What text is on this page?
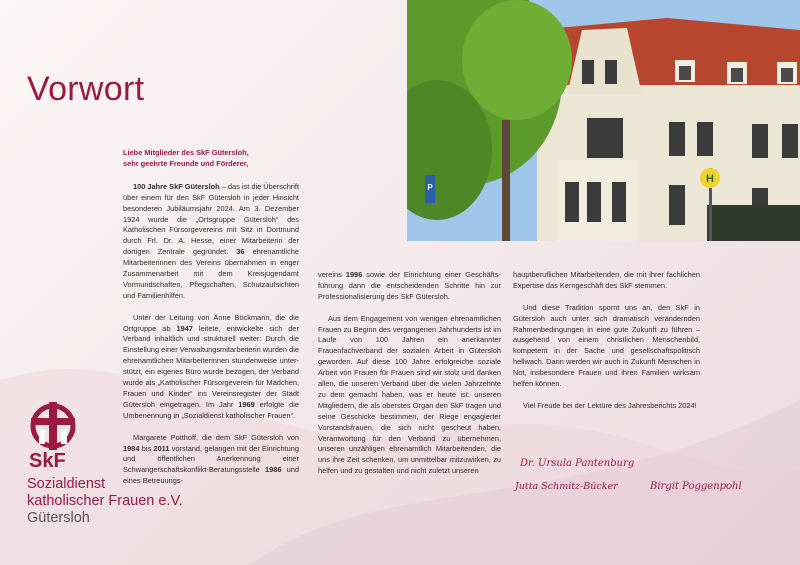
Vorwort
H
P

Liebe Mitglieder des SkF Gütersloh,
sehr geehrte Freunde und Förderer,

100 Jahre SkF Gütersloh – das ist die Überschrift über einem für den SkF Gütersloh in jeder Hinsicht besonderen Jubiläumsjahr 2024. Am 3. Dezember 1924 wurde die „Ortsgruppe Gütersloh“ des Katholischen Fürsorgevereins mit Sitz in Dortmund durch Frl. Dr. A. Hesse, einer Mitarbeiterin der dortigen Zentrale gegründet. 36 ehrenamtliche Mitarbeiterinnen des Vereins übernahmen in enger Zusammenarbeit mit dem Kreisjugendamt Vormundschaften, Pflegschaften, Schutzaufsichten und Familienhilfen.

Unter der Leitung von Änne Böckmann, die die Ortgruppe ab 1947 leitete, entwickelte sich der Verband inhaltlich und strukturell weiter: Durch die Einstellung einer Verwaltungsmitarbeiterin wurden die ehrenamtlichen Mitarbeiterinnen stundenweise unterstützt, ein eigenes Büro wurde bezogen, der Verband wurde als „Katholischer Fürsorgeverein für Mädchen, Frauen und Kinder“ ins Vereinsregister der Stadt Gütersloh eingetragen. Im Jahr 1969 erfolgte die Umbenennung in „Sozialdienst katholischer Frauen“.

Margarete Potthoff, die dem SkF Gütersloh von 1984 bis 2011 vorstand, gelangen mit der Einrichtung und öffentlichen Anerkennung einer Schwangerschaftskonflikt-Beratungsstelle 1986 und eines Betreuungs-

vereins 1996 sowie der Einrichtung einer Geschäftsführung dann die entscheidenden Schritte hin zur Professionalisierung des SkF Gütersloh.

Aus dem Engagement von wenigen ehrenamtlichen Frauen zu Beginn des vergangenen Jahrhunderts ist im Laufe von 100 Jahren ein anerkannter Frauenfachverband der sozialen Arbeit in Gütersloh geworden. Auf diese 100 Jahre erfolgreiche soziale Arbeit von Frauen für Frauen sind wir stolz und danken allen, die unseren Verband über die vielen Jahrzehnte zu dem gemacht haben, was er heute ist: unseren Mitgliedern, die als oberstes Organ den SkF tragen und seine Geschicke bestimmen, der Riege engagierter Vorstandsfrauen, die sich nicht gescheut haben, Verantwortung für den Verband zu übernehmen, unseren unzähligen ehrenamtlich Mitarbeitenden, die uns ihre Zeit schenken, um unmittelbar mitzuwirken, zu helfen und zu gestalten und nicht zuletzt unseren

hauptberuflichen Mitarbeitenden, die mit ihrer fachlichen Expertise das Kerngeschäft des SkF stemmen.

Und diese Tradition spornt uns an, den SkF in Gütersloh auch unter sich dramatisch verändernden Rahmenbedingungen in eine gute Zukunft zu führen – ausgehend von einem christlichen Menschenbild, kompetent in der Sache und gesellschaftspolitisch hellwach. Dann werden wir auch in Zukunft Menschen in Not, insbesondere Frauen und ihren Familien wirksam helfen können.

Viel Freude bei der Lektüre des Jahresberichts 2024!

Dr. Ursula Pantenburg
Jutta Schmitz-Bücker	Birgit Poggenpohl
SkF
Sozialdienst
katholischer Frauen e.V.
Gütersloh
